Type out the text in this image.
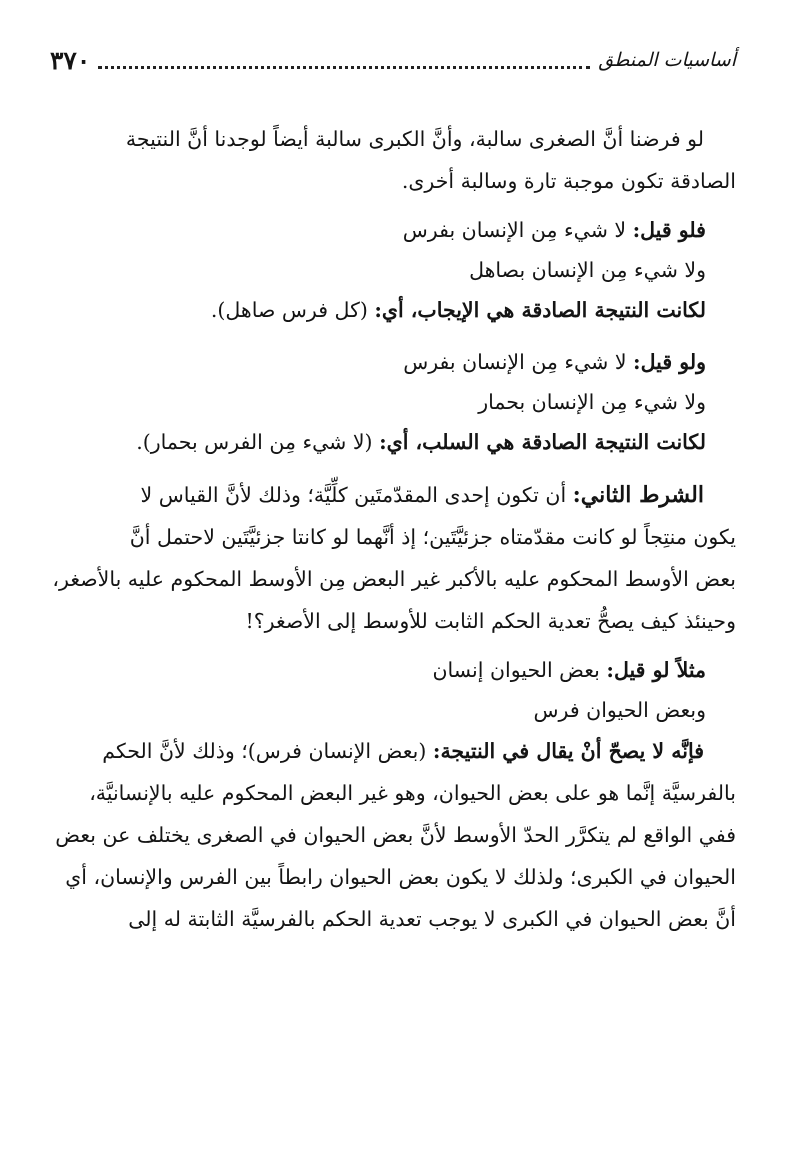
أساسيات المنطق
٣٧٠

لو فرضنا أنَّ الصغرى سالبة، وأنَّ الكبرى سالبة أيضاً لوجدنا أنَّ النتيجة

الصادقة تكون موجبة تارة وسالبة أخرى.

فلو قيل: لا شيء مِن الإنسان بفرس
ولا شيء مِن الإنسان بصاهل
لكانت النتيجة الصادقة هي الإيجاب، أي: (كل فرس صاهل).
ولو قيل: لا شيء مِن الإنسان بفرس
ولا شيء مِن الإنسان بحمار
لكانت النتيجة الصادقة هي السلب، أي: (لا شيء مِن الفرس بحمار).

الشرط الثاني: أن تكون إحدى المقدّمتَين كلِّيَّة؛ وذلك لأنَّ القياس لا

يكون منتِجاً لو كانت مقدّمتاه جزئيَّتَين؛ إذ أنَّهما لو كانتا جزئيَّتَين لاحتمل أنَّ

بعض الأوسط المحكوم عليه بالأكبر غير البعض مِن الأوسط المحكوم عليه بالأصغر،

وحينئذ كيف يصحُّ تعدية الحكم الثابت للأوسط إلى الأصغر؟!

مثلاً لو قيل: بعض الحيوان إنسان
وبعض الحيوان فرس

فإنَّه لا يصحّ أنْ يقال في النتيجة: (بعض الإنسان فرس)؛ وذلك لأنَّ الحكم

بالفرسيَّة إنَّما هو على بعض الحيوان، وهو غير البعض المحكوم عليه بالإنسانيَّة،

ففي الواقع لم يتكرَّر الحدّ الأوسط لأنَّ بعض الحيوان في الصغرى يختلف عن بعض

الحيوان في الكبرى؛ ولذلك لا يكون بعض الحيوان رابطاً بين الفرس والإنسان، أي

أنَّ بعض الحيوان في الكبرى لا يوجب تعدية الحكم بالفرسيَّة الثابتة له إلى
